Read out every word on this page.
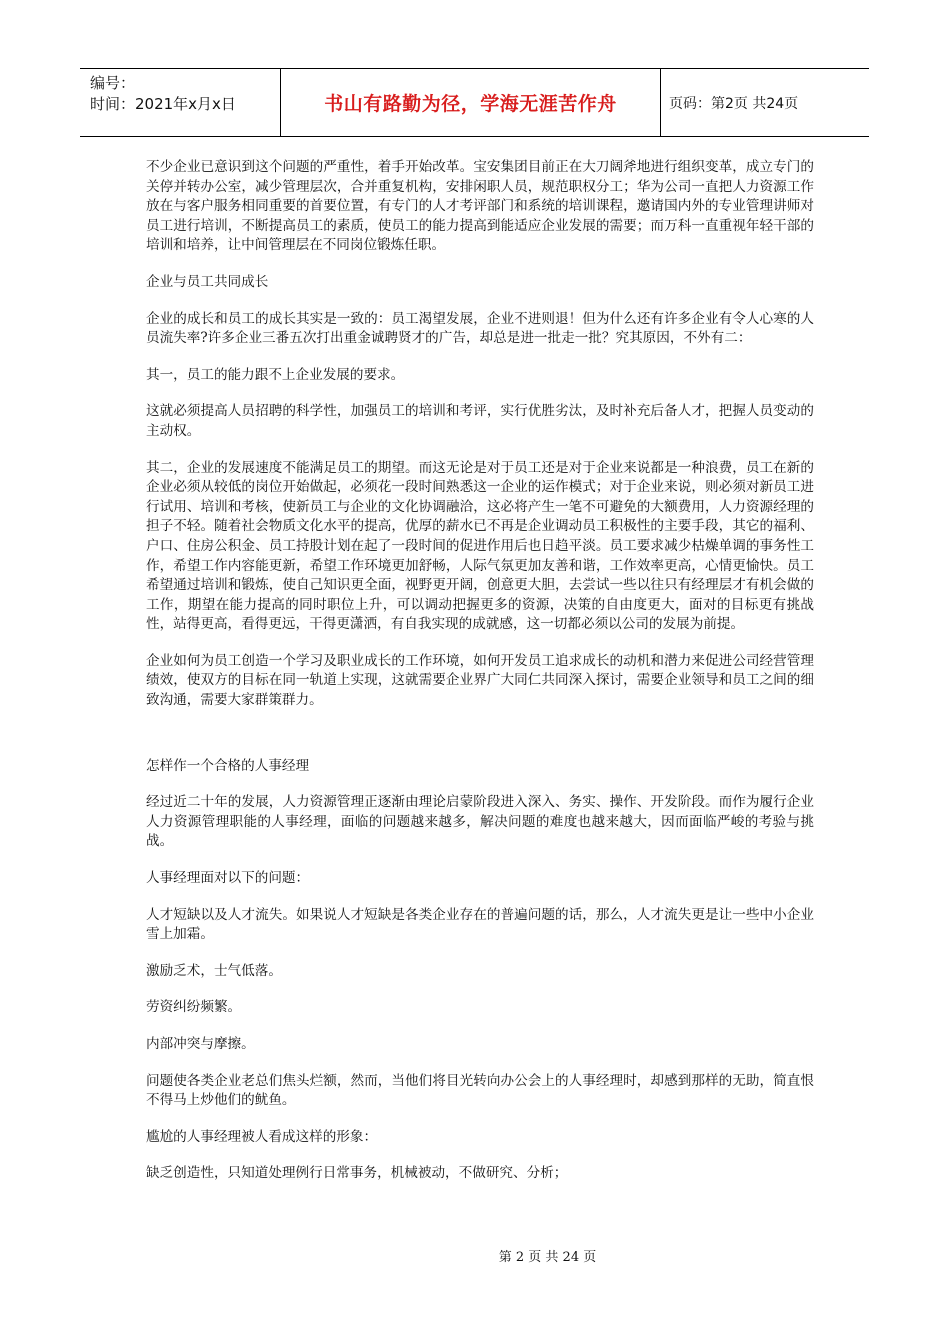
编号：
时间：2021年x月x日	书山有路勤为径，学海无涯苦作舟	页码：第2页 共24页

不少企业已意识到这个问题的严重性，着手开始改革。宝安集团目前正在大刀阔斧地进行组织变革，成立专门的关停并转办公室，减少管理层次，合并重复机构，安排闲职人员，规范职权分工；华为公司一直把人力资源工作放在与客户服务相同重要的首要位置，有专门的人才考评部门和系统的培训课程，邀请国内外的专业管理讲师对员工进行培训，不断提高员工的素质，使员工的能力提高到能适应企业发展的需要；而万科一直重视年轻干部的培训和培养，让中间管理层在不同岗位锻炼任职。

企业与员工共同成长

企业的成长和员工的成长其实是一致的：员工渴望发展，企业不进则退！但为什么还有许多企业有令人心寒的人员流失率?许多企业三番五次打出重金诚聘贤才的广告，却总是进一批走一批？究其原因，不外有二：

其一，员工的能力跟不上企业发展的要求。

这就必须提高人员招聘的科学性，加强员工的培训和考评，实行优胜劣汰，及时补充后备人才，把握人员变动的主动权。

其二，企业的发展速度不能满足员工的期望。而这无论是对于员工还是对于企业来说都是一种浪费，员工在新的企业必须从较低的岗位开始做起，必须花一段时间熟悉这一企业的运作模式；对于企业来说，则必须对新员工进行试用、培训和考核，使新员工与企业的文化协调融洽，这必将产生一笔不可避免的大额费用，人力资源经理的担子不轻。随着社会物质文化水平的提高，优厚的薪水已不再是企业调动员工积极性的主要手段，其它的福利、户口、住房公积金、员工持股计划在起了一段时间的促进作用后也日趋平淡。员工要求减少枯燥单调的事务性工作，希望工作内容能更新，希望工作环境更加舒畅，人际气氛更加友善和谐，工作效率更高，心情更愉快。员工希望通过培训和锻炼，使自己知识更全面，视野更开阔，创意更大胆，去尝试一些以往只有经理层才有机会做的工作，期望在能力提高的同时职位上升，可以调动把握更多的资源，决策的自由度更大，面对的目标更有挑战性，站得更高，看得更远，干得更潇洒，有自我实现的成就感，这一切都必须以公司的发展为前提。

企业如何为员工创造一个学习及职业成长的工作环境，如何开发员工追求成长的动机和潜力来促进公司经营管理绩效，使双方的目标在同一轨道上实现，这就需要企业界广大同仁共同深入探讨，需要企业领导和员工之间的细致沟通，需要大家群策群力。

怎样作一个合格的人事经理

经过近二十年的发展，人力资源管理正逐渐由理论启蒙阶段进入深入、务实、操作、开发阶段。而作为履行企业人力资源管理职能的人事经理，面临的问题越来越多，解决问题的难度也越来越大，因而面临严峻的考验与挑战。

人事经理面对以下的问题：

人才短缺以及人才流失。如果说人才短缺是各类企业存在的普遍问题的话，那么，人才流失更是让一些中小企业雪上加霜。

激励乏术，士气低落。

劳资纠纷频繁。

内部冲突与摩擦。

问题使各类企业老总们焦头烂额，然而，当他们将目光转向办公会上的人事经理时，却感到那样的无助，简直恨不得马上炒他们的鱿鱼。

尴尬的人事经理被人看成这样的形象：

缺乏创造性，只知道处理例行日常事务，机械被动，不做研究、分析；

第 2 页 共 24 页
